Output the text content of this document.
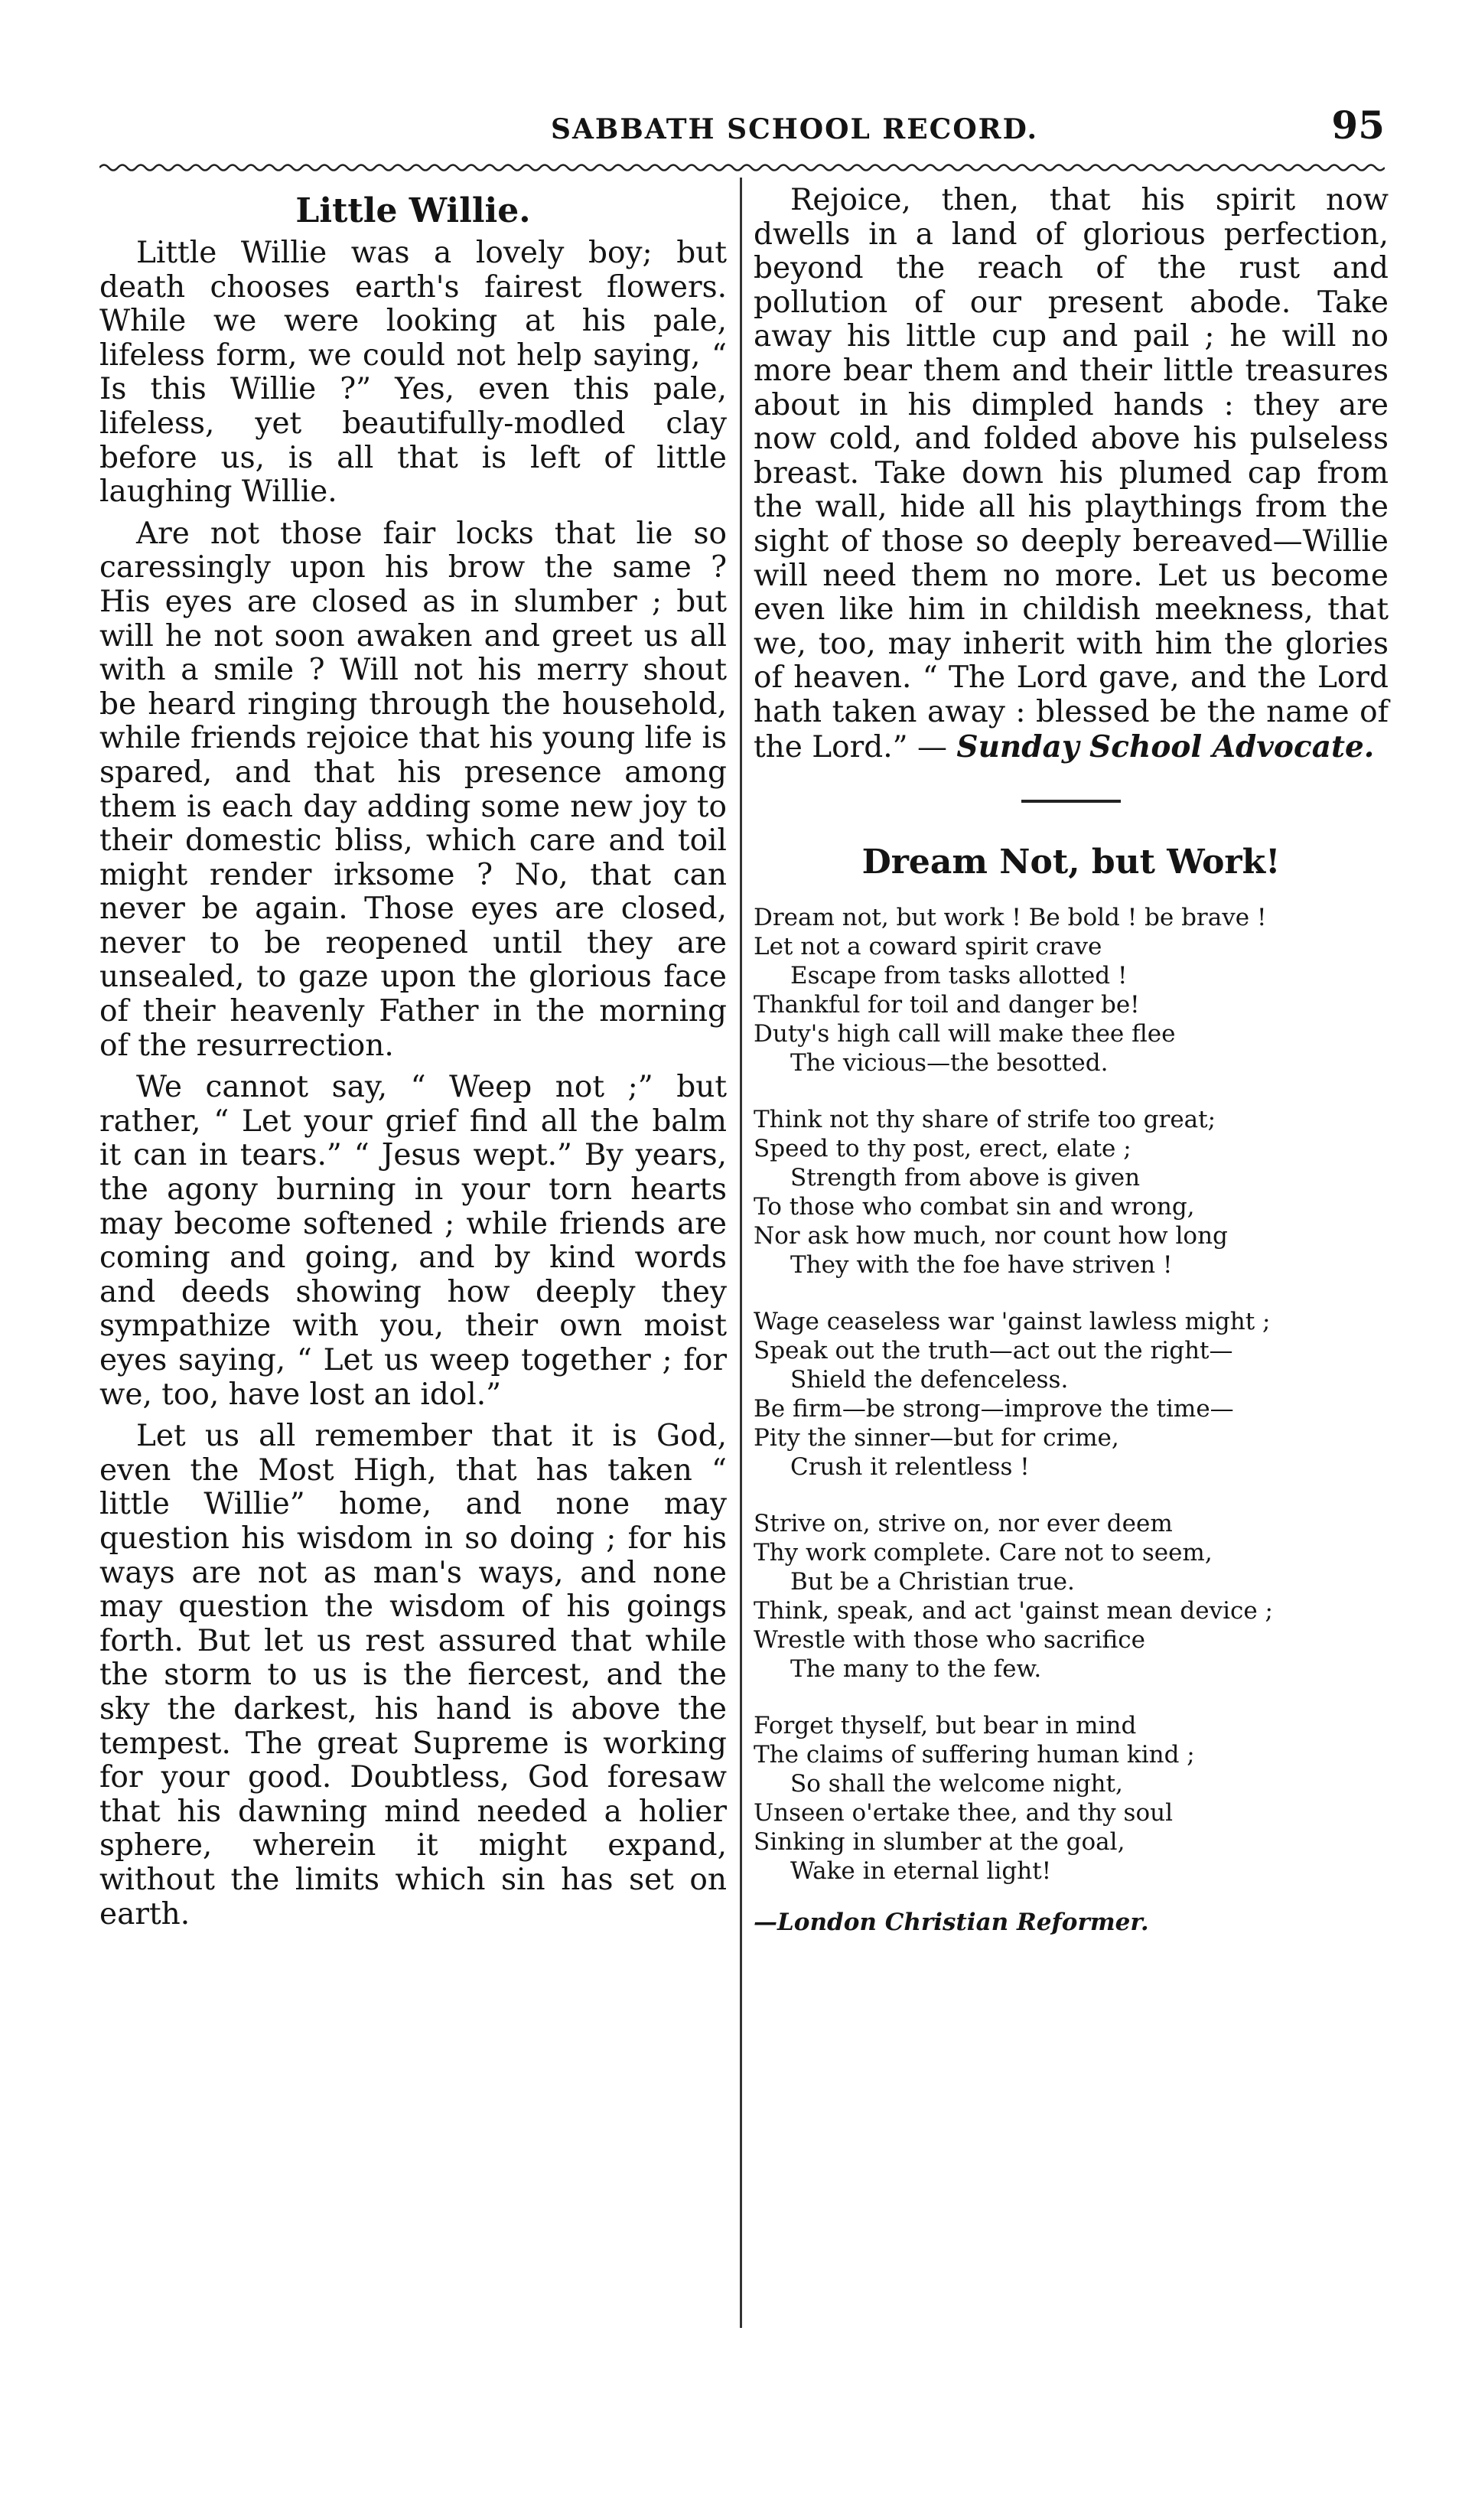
SABBATH SCHOOL RECORD.	95
Little Willie.

Little Willie was a lovely boy; but death chooses earth's fairest flowers. While we were looking at his pale, lifeless form, we could not help saying, “ Is this Willie ?” Yes, even this pale, lifeless, yet beautifully-modled clay before us, is all that is left of little laughing Willie.

Are not those fair locks that lie so caressingly upon his brow the same ? His eyes are closed as in slumber ; but will he not soon awaken and greet us all with a smile ? Will not his merry shout be heard ringing through the household, while friends rejoice that his young life is spared, and that his presence among them is each day adding some new joy to their domestic bliss, which care and toil might render irksome ? No, that can never be again. Those eyes are closed, never to be reopened until they are unsealed, to gaze upon the glorious face of their heavenly Father in the morning of the resurrection.

We cannot say, “ Weep not ;” but rather, “ Let your grief find all the balm it can in tears.” “ Jesus wept.” By years, the agony burning in your torn hearts may become softened ; while friends are coming and going, and by kind words and deeds showing how deeply they sympathize with you, their own moist eyes saying, “ Let us weep together ; for we, too, have lost an idol.”

Let us all remember that it is God, even the Most High, that has taken “ little Willie” home, and none may question his wisdom in so doing ; for his ways are not as man's ways, and none may question the wisdom of his goings forth. But let us rest assured that while the storm to us is the fiercest, and the sky the darkest, his hand is above the tempest. The great Supreme is working for your good. Doubtless, God foresaw that his dawning mind needed a holier sphere, wherein it might expand, without the limits which sin has set on earth.

Rejoice, then, that his spirit now dwells in a land of glorious perfection, beyond the reach of the rust and pollution of our present abode. Take away his little cup and pail ; he will no more bear them and their little treasures about in his dimpled hands : they are now cold, and folded above his pulseless breast. Take down his plumed cap from the wall, hide all his playthings from the sight of those so deeply bereaved—Willie will need them no more. Let us become even like him in childish meekness, that we, too, may inherit with him the glories of heaven. “ The Lord gave, and the Lord hath taken away : blessed be the name of the Lord.” — Sunday School Advocate.

Dream Not, but Work!

Dream not, but work ! Be bold ! be brave !

Let not a coward spirit crave

Escape from tasks allotted !

Thankful for toil and danger be!

Duty's high call will make thee flee

The vicious—the besotted.

Think not thy share of strife too great;

Speed to thy post, erect, elate ;

Strength from above is given

To those who combat sin and wrong,

Nor ask how much, nor count how long

They with the foe have striven !

Wage ceaseless war 'gainst lawless might ;

Speak out the truth—act out the right—

Shield the defenceless.

Be firm—be strong—improve the time—

Pity the sinner—but for crime,

Crush it relentless !

Strive on, strive on, nor ever deem

Thy work complete. Care not to seem,

But be a Christian true.

Think, speak, and act 'gainst mean device ;

Wrestle with those who sacrifice

The many to the few.

Forget thyself, but bear in mind

The claims of suffering human kind ;

So shall the welcome night,

Unseen o'ertake thee, and thy soul

Sinking in slumber at the goal,

Wake in eternal light!

—London Christian Reformer.
